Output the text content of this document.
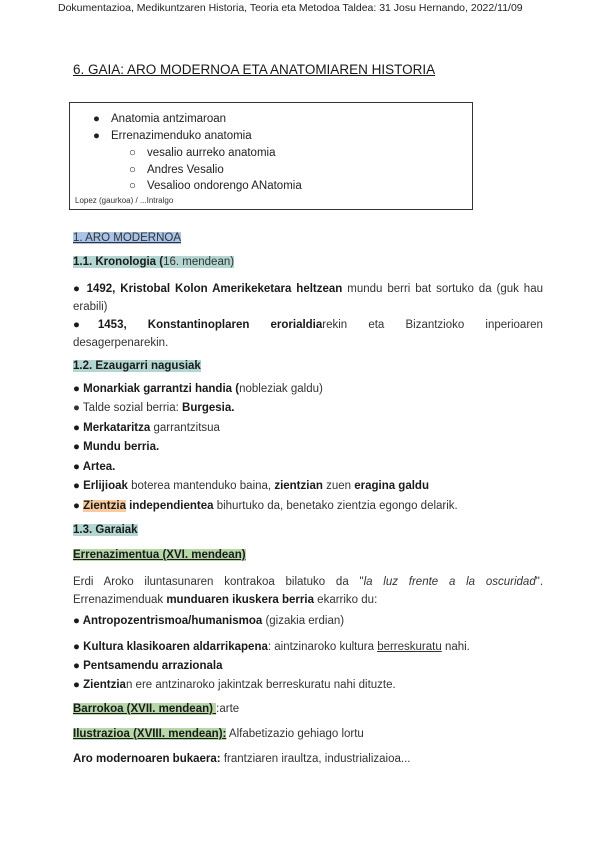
Dokumentazioa, Medikuntzaren Historia, Teoria eta Metodoa Taldea: 31 Josu Hernando, 2022/11/09
6. GAIA: ARO MODERNOA ETA ANATOMIAREN HISTORIA
● Anatomia antzimaroan
● Errenazimenduko anatomia
○ vesalio aurreko anatomia
○ Andres Vesalio
○ Vesalioo ondorengo ANatomia
Lopez (gaurkoa) / ...Intralgo
1. ARO MODERNOA
1.1. Kronologia (16. mendean)
● 1492, Kristobal Kolon Amerikeketara heltzean mundu berri bat sortuko da (guk hau
erabili)
●1453, Konstantinoplaren erorialdiarekin eta Bizantzioko inperioaren
desagerpenarekin.
1.2. Ezaugarri nagusiak
● Monarkiak garrantzi handia (nobleziak galdu)
● Talde sozial berria: Burgesia.
● Merkataritza garrantzitsua
● Mundu berria.
● Artea.
● Erlijioak boterea mantenduko baina, zientzian zuen eragina galdu
● Zientzia independientea bihurtuko da, benetako zientzia egongo delarik.
1.3. Garaiak
Errenazimentua (XVI. mendean)
Erdi Aroko iluntasunaren kontrakoa bilatuko da "la luz frente a la oscuridad".
Errenazimenduak munduaren ikuskera berria ekarriko du:
● Antropozentrismoa/humanismoa (gizakia erdian)
● Kultura klasikoaren aldarrikapena: aintzinaroko kultura berreskuratu nahi.
● Pentsamendu arrazionala
● Zientzian ere antzinaroko jakintzak berreskuratu nahi dituzte.
Barrokoa (XVII. mendean) :arte
Ilustrazioa (XVIII. mendean): Alfabetizazio gehiago lortu
Aro modernoaren bukaera: frantziaren iraultza, industrializaioa...
